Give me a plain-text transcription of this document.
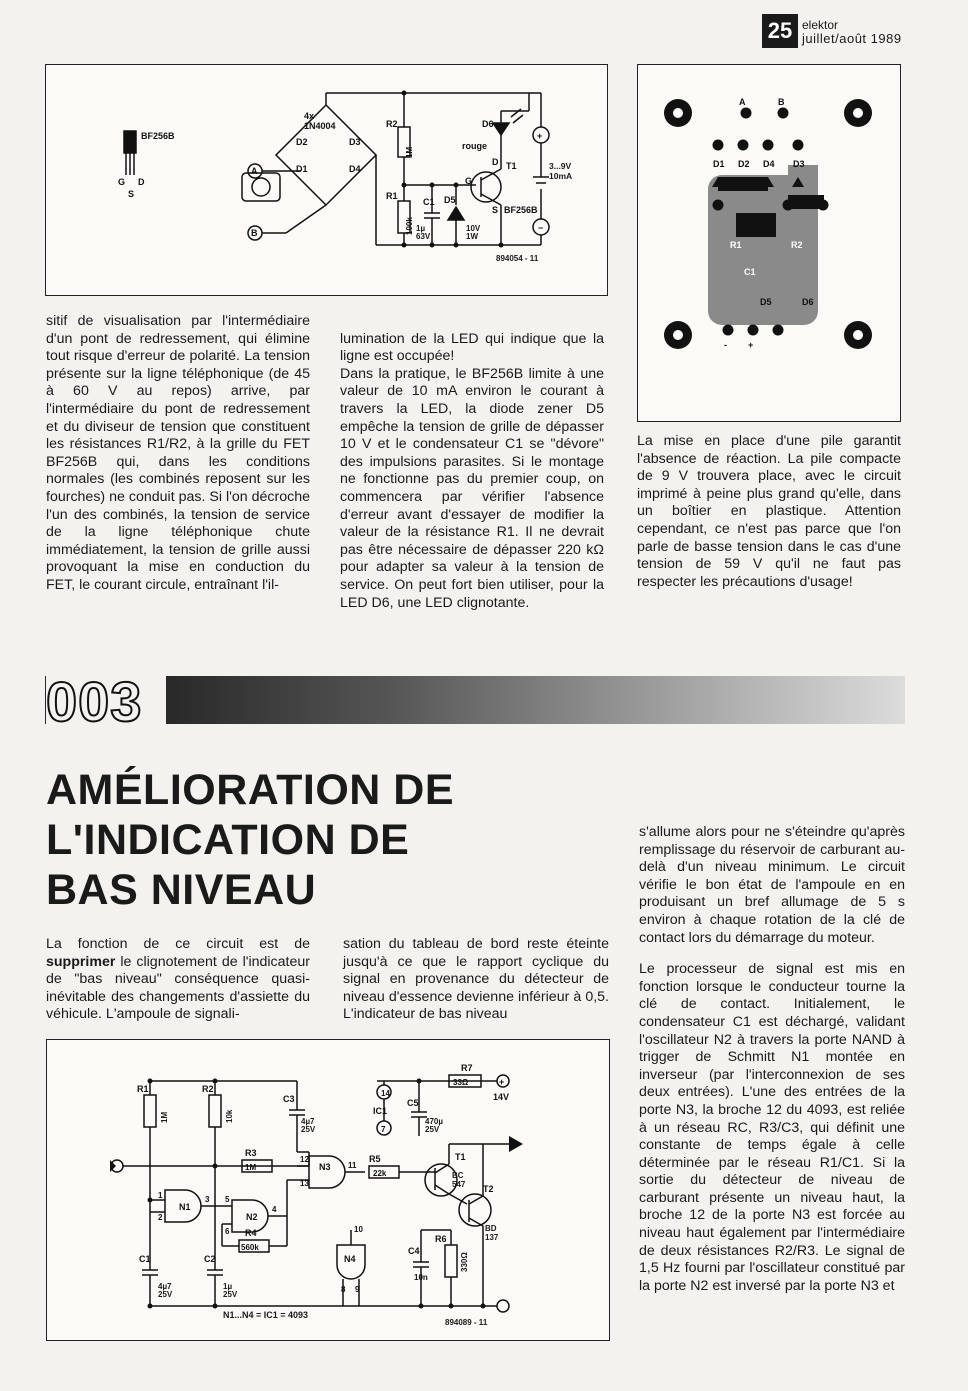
25 elektor
juillet/août 1989
BF256B
G D
S
4x 1N4004
D2	D3
D1	D4
A
B
R2
R1
C1 D5
D6
rouge
T1
BF256B
G
D
S
+
−
1M
100k 1µ
63V
10V
1W
3...9V
10mA
894054 - 11
A	B
D1 D2 D4 D3
R1	R2
C1
D5	D6
- +

sitif de visualisation par l'intermédiaire d'un pont de redressement, qui élimine tout risque d'erreur de polarité. La tension présente sur la ligne téléphonique (de 45 à 60 V au repos) arrive, par l'intermédiaire du pont de redressement et du diviseur de tension que constituent les résistances R1/R2, à la grille du FET BF256B qui, dans les conditions normales (les combinés reposent sur les fourches) ne conduit pas. Si l'on décroche l'un des combinés, la tension de service de la ligne téléphonique chute immédiatement, la tension de grille aussi provoquant la mise en conduction du FET, le courant circule, entraînant l'il-

lumination de la LED qui indique que la ligne est occupée!
Dans la pratique, le BF256B limite à une valeur de 10 mA environ le courant à travers la LED, la diode zener D5 empêche la tension de grille de dépasser 10 V et le condensateur C1 se "dévore" des impulsions parasites. Si le montage ne fonctionne pas du premier coup, on commencera par vérifier l'absence d'erreur avant d'essayer de modifier la valeur de la résistance R1. Il ne devrait pas être nécessaire de dépasser 220 kΩ pour adapter sa valeur à la tension de service. On peut fort bien utiliser, pour la LED D6, une LED clignotante.

La mise en place d'une pile garantit l'absence de réaction. La pile compacte de 9 V trouvera place, avec le circuit imprimé à peine plus grand qu'elle, dans un boîtier en plastique. Attention cependant, ce n'est pas parce que l'on parle de basse tension dans le cas d'une tension de 59 V qu'il ne faut pas respecter les précautions d'usage!

003
AMÉLIORATION DE
L'INDICATION DE
BAS NIVEAU

La fonction de ce circuit est de supprimer le clignotement de l'indicateur de "bas niveau" conséquence quasi-inévitable des changements d'assiette du véhicule. L'ampoule de signali-

sation du tableau de bord reste éteinte jusqu'à ce que le rapport cyclique du signal en provenance du détecteur de niveau d'essence devienne inférieur à 0,5. L'indicateur de bas niveau

s'allume alors pour ne s'éteindre qu'après remplissage du réservoir de carburant au-delà d'un niveau minimum. Le circuit vérifie le bon état de l'ampoule en en produisant un bref allumage de 5 s environ à chaque rotation de la clé de contact lors du démarrage du moteur.

Le processeur de signal est mis en fonction lorsque le conducteur tourne la clé de contact. Initialement, le condensateur C1 est déchargé, validant l'oscillateur N2 à travers la porte NAND à trigger de Schmitt N1 montée en inverseur (par l'interconnexion de ses deux entrées). L'une des entrées de la porte N3, la broche 12 du 4093, est reliée à un réseau RC, R3/C3, qui définit une constante de temps égale à celle déterminée par le réseau R1/C1. Si la sortie du détecteur de niveau de carburant présente un niveau haut, la broche 12 de la porte N3 est forcée au niveau haut également par l'intermédiaire de deux résistances R2/R3. Le signal de 1,5 Hz fourni par l'oscillateur constitué par la porte N2 est inversé par la porte N3 et

R1	R2
C3
R3
1M
R4
560k
R5
22k
R7
33Ω
R6
C4
10n
C1	C2
C5
N1
N2
N3
N4
IC1
T1
T2
14V
+
14
7
1
2
3
4
5
6
12
13
11
10
8 9
4µ7
25V
1µ
25V
4µ7
25V
470µ
25V
BC
547
BD
137
330Ω
1M	10k
N1...N4 = IC1 = 4093
894089 - 11
